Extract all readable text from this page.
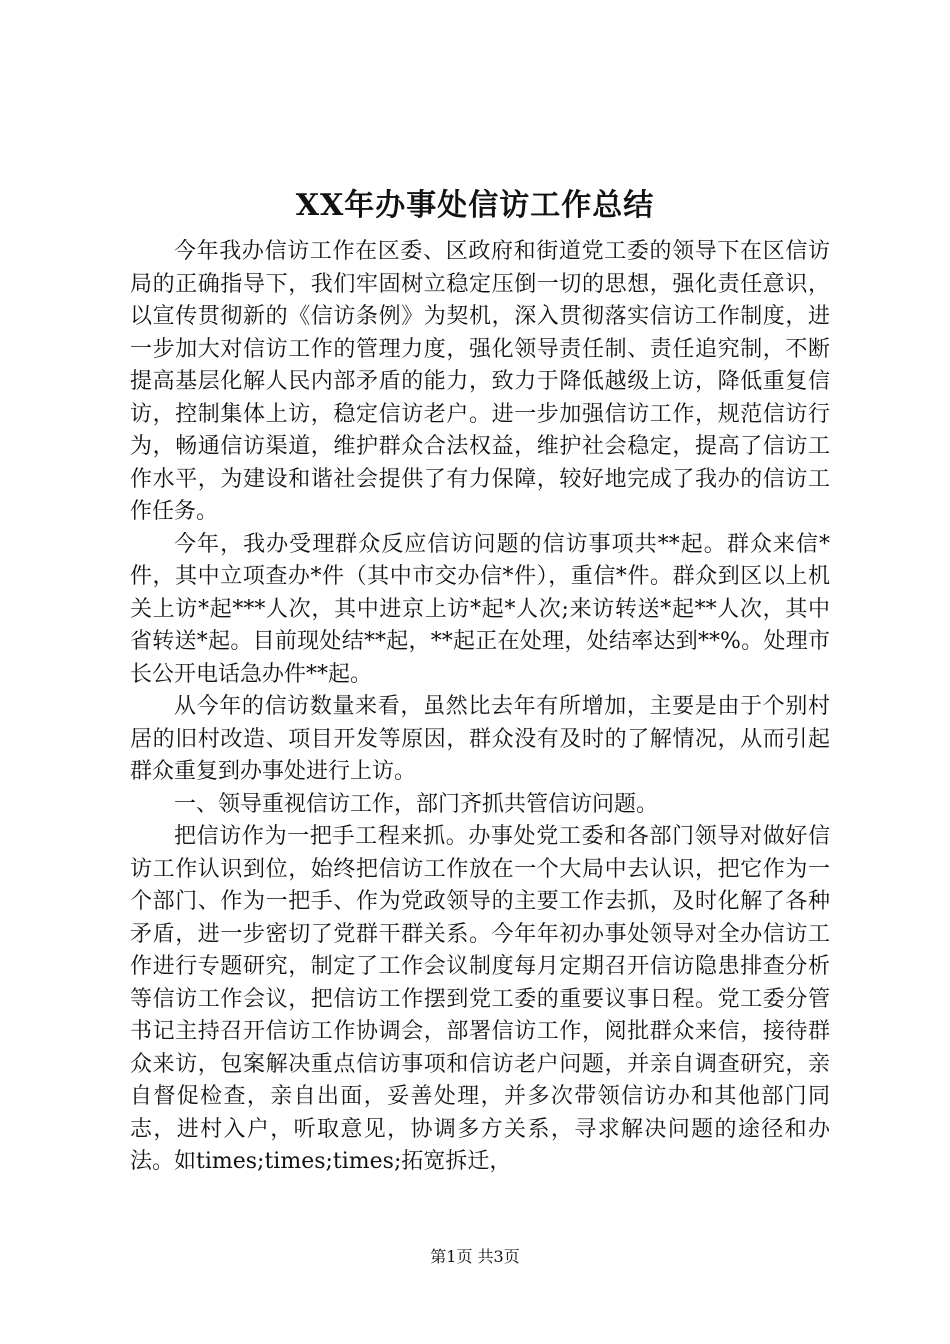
XX年办事处信访工作总结

今年我办信访工作在区委、区政府和街道党工委的领导下在区信访局的正确指导下，我们牢固树立稳定压倒一切的思想，强化责任意识，以宣传贯彻新的《信访条例》为契机，深入贯彻落实信访工作制度，进一步加大对信访工作的管理力度，强化领导责任制、责任追究制，不断提高基层化解人民内部矛盾的能力，致力于降低越级上访，降低重复信访，控制集体上访，稳定信访老户。进一步加强信访工作，规范信访行为，畅通信访渠道，维护群众合法权益，维护社会稳定，提高了信访工作水平，为建设和谐社会提供了有力保障，较好地完成了我办的信访工作任务。

今年，我办受理群众反应信访问题的信访事项共**起。群众来信*件，其中立项查办*件（其中市交办信*件），重信*件。群众到区以上机关上访*起***人次，其中进京上访*起*人次;来访转送*起**人次，其中省转送*起。目前现处结**起，**起正在处理，处结率达到**%。处理市长公开电话急办件**起。

从今年的信访数量来看，虽然比去年有所增加，主要是由于个别村居的旧村改造、项目开发等原因，群众没有及时的了解情况，从而引起群众重复到办事处进行上访。

一、领导重视信访工作，部门齐抓共管信访问题。

把信访作为一把手工程来抓。办事处党工委和各部门领导对做好信访工作认识到位，始终把信访工作放在一个大局中去认识，把它作为一个部门、作为一把手、作为党政领导的主要工作去抓，及时化解了各种矛盾，进一步密切了党群干群关系。今年年初办事处领导对全办信访工作进行专题研究，制定了工作会议制度每月定期召开信访隐患排查分析等信访工作会议，把信访工作摆到党工委的重要议事日程。党工委分管书记主持召开信访工作协调会，部署信访工作，阅批群众来信，接待群众来访，包案解决重点信访事项和信访老户问题，并亲自调查研究，亲自督促检查，亲自出面，妥善处理，并多次带领信访办和其他部门同志，进村入户，听取意见，协调多方关系，寻求解决问题的途径和办法。如times;times;times;拓宽拆迁，

第1页 共3页
